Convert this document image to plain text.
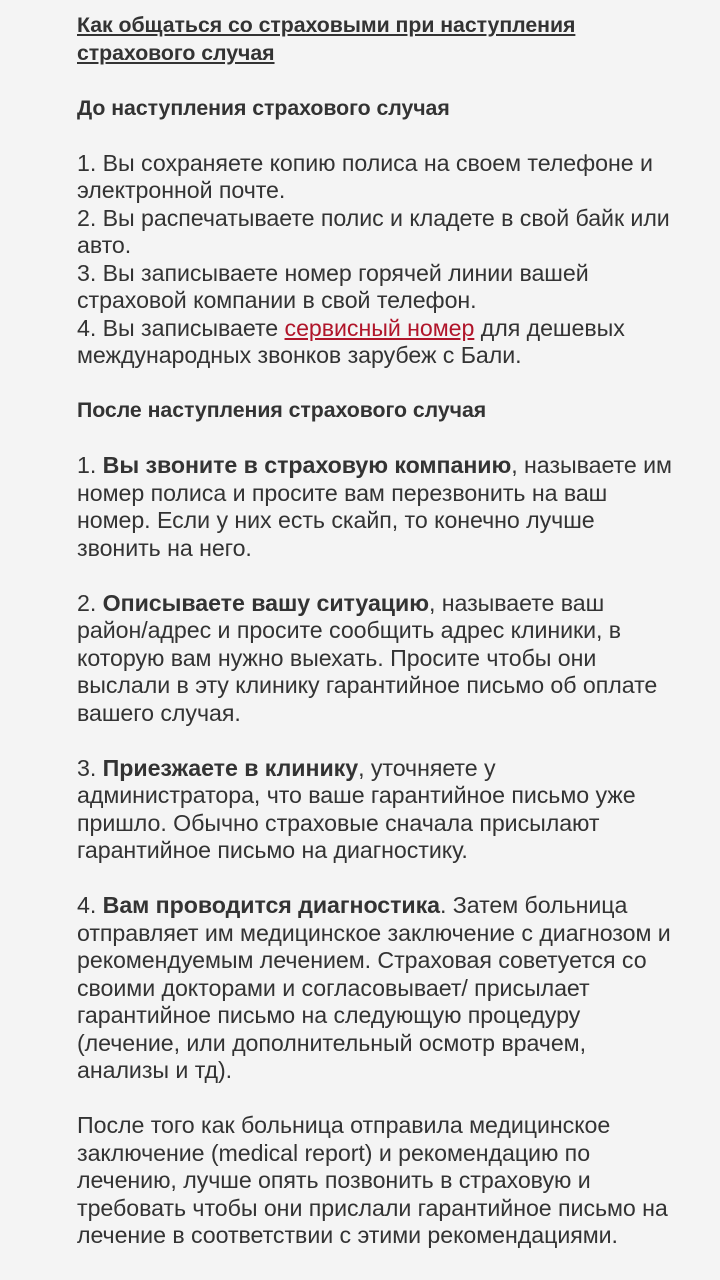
Как общаться со страховыми при наступления страхового случая
До наступления страхового случая

1. Вы сохраняете копию полиса на своем телефоне и электронной почте.
2. Вы распечатываете полис и кладете в свой байк или авто.
3. Вы записываете номер горячей линии вашей страховой компании в свой телефон.
4. Вы записываете сервисный номер для дешевых международных звонков зарубеж с Бали.

После наступления страхового случая

1. Вы звоните в страховую компанию, называете им номер полиса и просите вам перезвонить на ваш номер. Если у них есть скайп, то конечно лучше звонить на него.

2. Описываете вашу ситуацию, называете ваш район/адрес и просите сообщить адрес клиники, в которую вам нужно выехать. Просите чтобы они выслали в эту клинику гарантийное письмо об оплате вашего случая.

3. Приезжаете в клинику, уточняете у администратора, что ваше гарантийное письмо уже пришло. Обычно страховые сначала присылают гарантийное письмо на диагностику.

4. Вам проводится диагностика. Затем больница отправляет им медицинское заключение с диагнозом и рекомендуемым лечением. Страховая советуется со своими докторами и согласовывает/ присылает гарантийное письмо на следующую процедуру (лечение, или дополнительный осмотр врачем, анализы и тд).

После того как больница отправила медицинское заключение (medical report) и рекомендацию по лечению, лучше опять позвонить в страховую и требовать чтобы они прислали гарантийное письмо на лечение в соответствии с этими рекомендациями.
